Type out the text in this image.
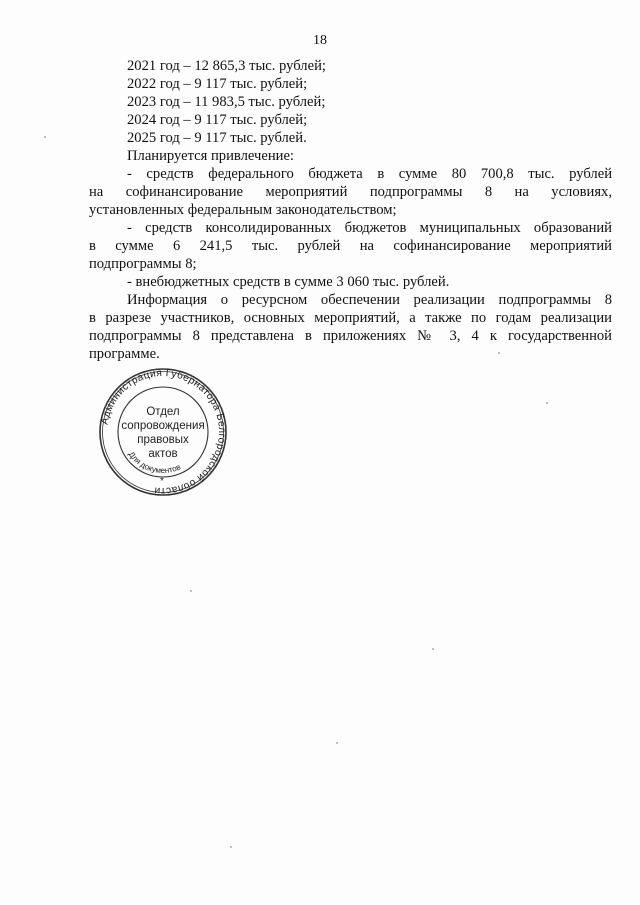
18
2021 год – 12 865,3 тыс. рублей;
2022 год – 9 117 тыс. рублей;
2023 год – 11 983,5 тыс. рублей;
2024 год – 9 117 тыс. рублей;
2025 год – 9 117 тыс. рублей.
Планируется привлечение:
- средств федерального бюджета в сумме 80 700,8 тыс. рублей
на софинансирование мероприятий подпрограммы 8 на условиях,
установленных федеральным законодательством;
- средств консолидированных бюджетов муниципальных образований
в сумме 6 241,5 тыс. рублей на софинансирование мероприятий
подпрограммы 8;
- внебюджетных средств в сумме 3 060 тыс. рублей.
Информация о ресурсном обеспечении реализации подпрограммы 8
в разрезе участников, основных мероприятий, а также по годам реализации
подпрограммы 8 представлена в приложениях № 3, 4 к государственной
программе.
Администрация Губернатора Белгородской области
Для документов
*
Отдел
сопровождения
правовых
актов
